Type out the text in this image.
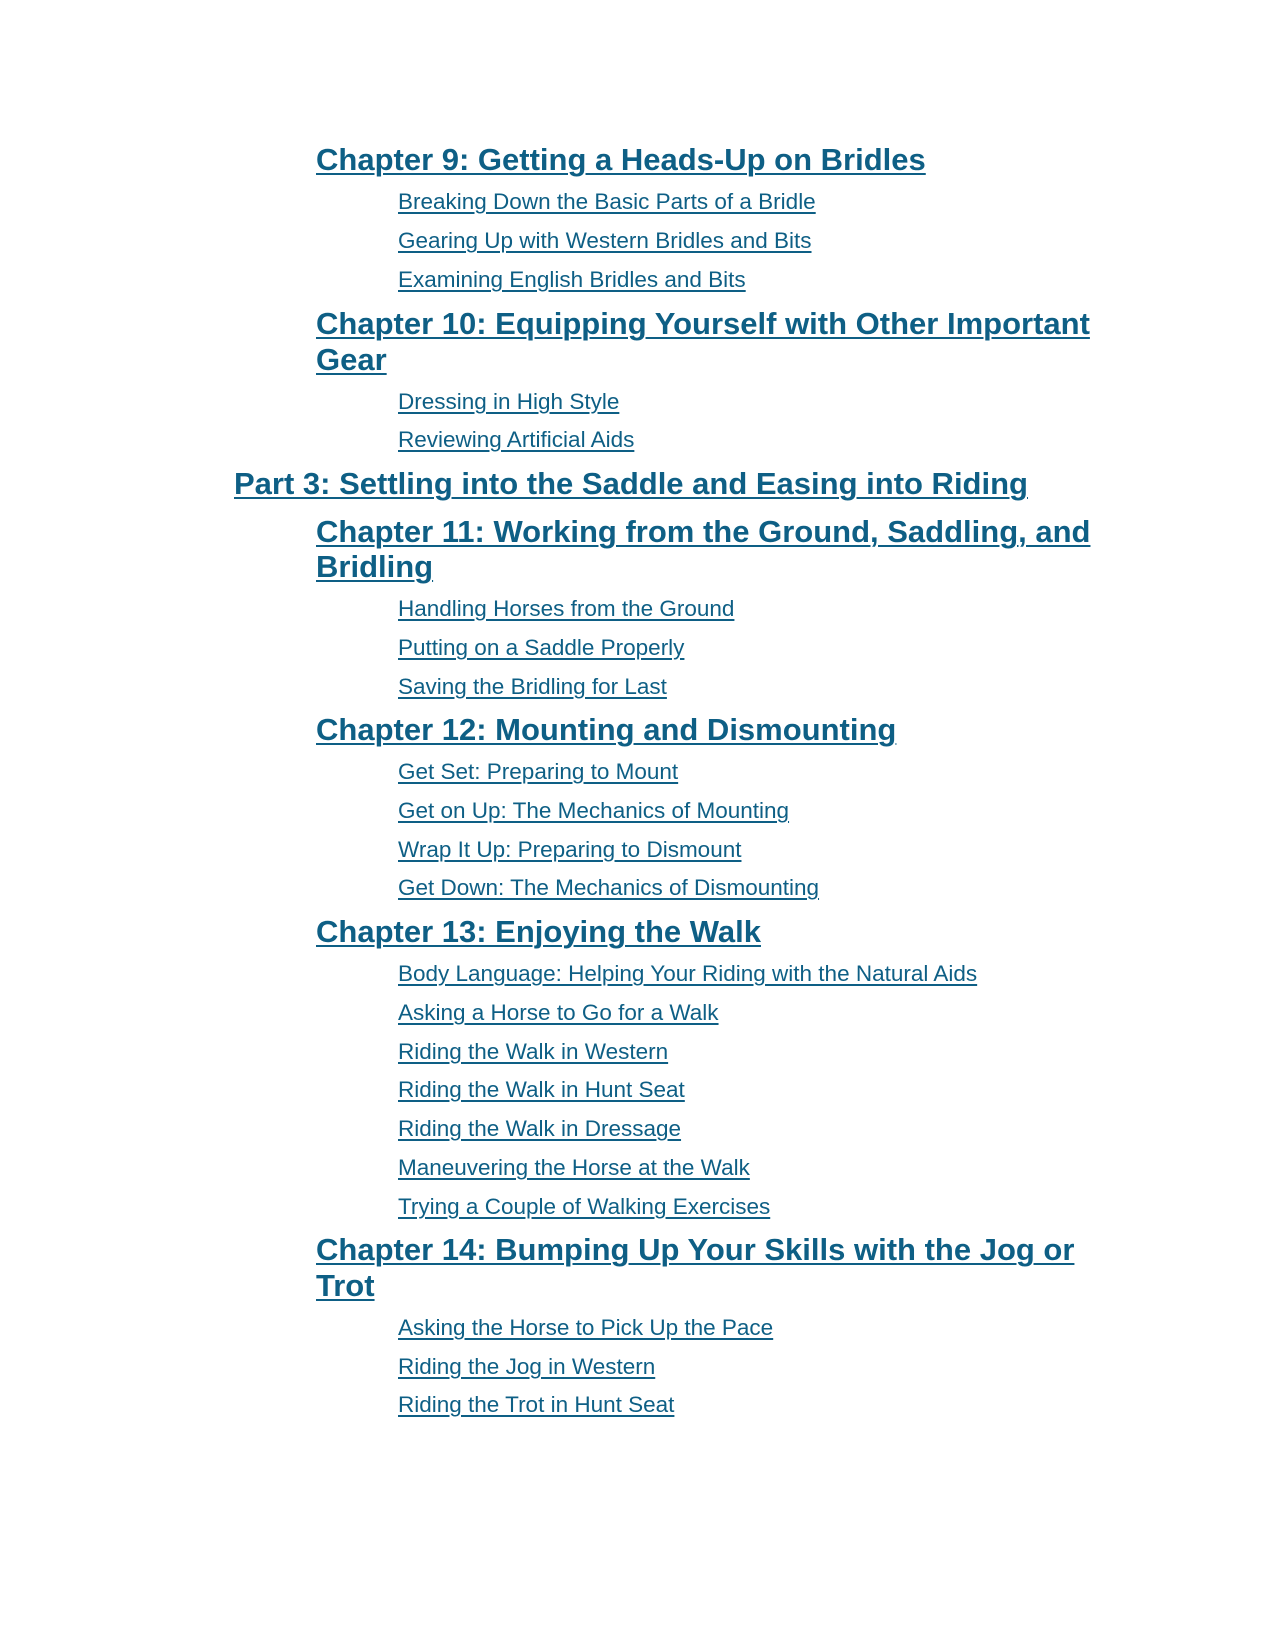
Chapter 9: Getting a Heads-Up on Bridles
Breaking Down the Basic Parts of a Bridle
Gearing Up with Western Bridles and Bits
Examining English Bridles and Bits
Chapter 10: Equipping Yourself with Other Important
Gear
Dressing in High Style
Reviewing Artificial Aids
Part 3: Settling into the Saddle and Easing into Riding
Chapter 11: Working from the Ground, Saddling, and
Bridling
Handling Horses from the Ground
Putting on a Saddle Properly
Saving the Bridling for Last
Chapter 12: Mounting and Dismounting
Get Set: Preparing to Mount
Get on Up: The Mechanics of Mounting
Wrap It Up: Preparing to Dismount
Get Down: The Mechanics of Dismounting
Chapter 13: Enjoying the Walk
Body Language: Helping Your Riding with the Natural Aids
Asking a Horse to Go for a Walk
Riding the Walk in Western
Riding the Walk in Hunt Seat
Riding the Walk in Dressage
Maneuvering the Horse at the Walk
Trying a Couple of Walking Exercises
Chapter 14: Bumping Up Your Skills with the Jog or
Trot
Asking the Horse to Pick Up the Pace
Riding the Jog in Western
Riding the Trot in Hunt Seat
